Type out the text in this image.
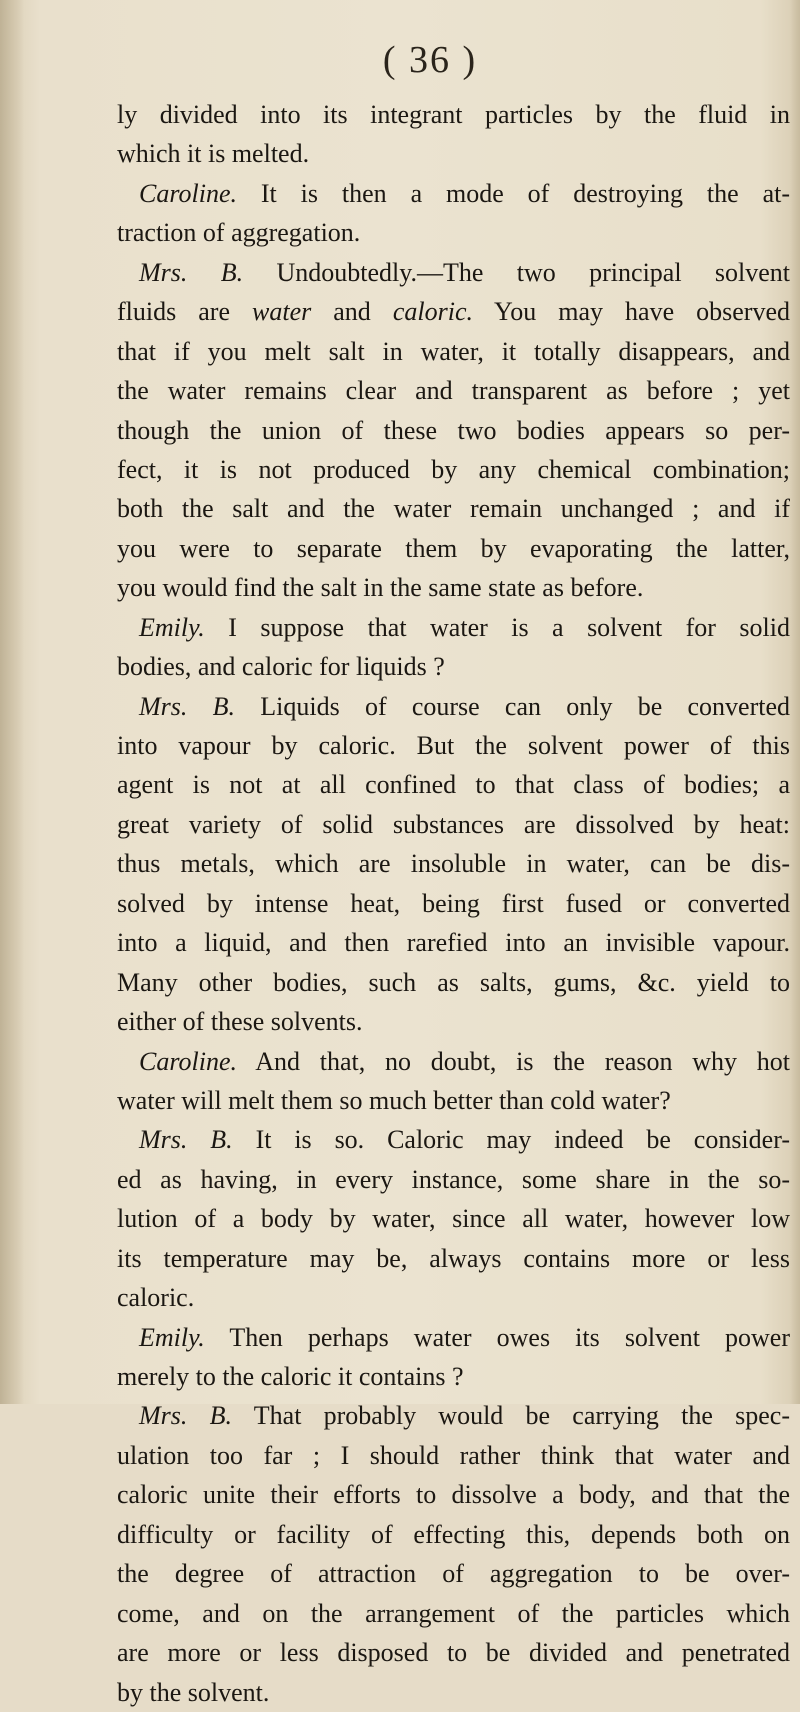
( 36 )
ly divided into its integrant particles by the fluid in
which it is melted.
Caroline. It is then a mode of destroying the at-
traction of aggregation.
Mrs. B. Undoubtedly.—The two principal solvent
fluids are water and caloric. You may have observed
that if you melt salt in water, it totally disappears, and
the water remains clear and transparent as before ; yet
though the union of these two bodies appears so per-
fect, it is not produced by any chemical combination;
both the salt and the water remain unchanged ; and if
you were to separate them by evaporating the latter,
you would find the salt in the same state as before.
Emily. I suppose that water is a solvent for solid
bodies, and caloric for liquids ?
Mrs. B. Liquids of course can only be converted
into vapour by caloric. But the solvent power of this
agent is not at all confined to that class of bodies; a
great variety of solid substances are dissolved by heat:
thus metals, which are insoluble in water, can be dis-
solved by intense heat, being first fused or converted
into a liquid, and then rarefied into an invisible vapour.
Many other bodies, such as salts, gums, &c. yield to
either of these solvents.
Caroline. And that, no doubt, is the reason why hot
water will melt them so much better than cold water?
Mrs. B. It is so. Caloric may indeed be consider-
ed as having, in every instance, some share in the so-
lution of a body by water, since all water, however low
its temperature may be, always contains more or less
caloric.
Emily. Then perhaps water owes its solvent power
merely to the caloric it contains ?
Mrs. B. That probably would be carrying the spec-
ulation too far ; I should rather think that water and
caloric unite their efforts to dissolve a body, and that the
difficulty or facility of effecting this, depends both on
the degree of attraction of aggregation to be over-
come, and on the arrangement of the particles which
are more or less disposed to be divided and penetrated
by the solvent.
